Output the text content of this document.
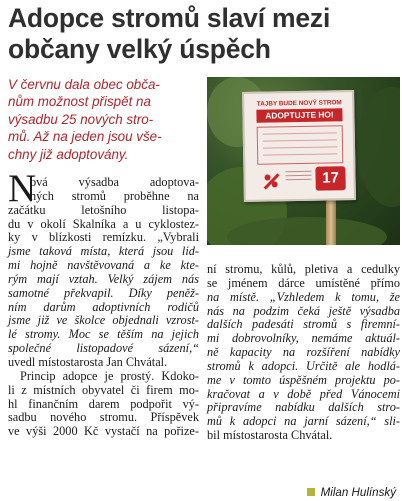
Adopce stromů slaví mezi
občany velký úspěch
V červnu dala obec obča-
nům možnost přispět na
výsadbu 25 nových stro-
mů. Až na jeden jsou vše-
chny již adoptovány.
TAJBY BUDE NOVÝ STROM
ADOPTUJTE HO!
17
N
ová výsadba adoptova-
ných stromů proběhne na
začátku letošního listopa-
du v okolí Skalníka a u cyklostez-
ky v blízkosti remízku. „Vybrali
jsme taková místa, která jsou lid-
mi hojně navštěvovaná a ke kte-
rým mají vztah. Velký zájem nás
samotné překvapil. Díky peněž-
ním darům adoptivních rodičů
jsme již ve školce objednali vzrost-
lé stromy. Moc se těším na jejich
společné listopadové sázení,“
uvedl místostarosta Jan Chvátal.
Princip adopce je prostý. Kdoko-
li z místních obyvatel či firem mo-
hl finančním darem podpořit vý-
sadbu nového stromu. Příspěvek
ve výši 2000 Kč vystačí na pořize-
ní stromu, kůlů, pletiva a cedulky
se jménem dárce umístěné přímo
na místě. „Vzhledem k tomu, že
nás na podzim čeká ještě výsadba
dalších padesáti stromů s firemní-
mi dobrovolníky, nemáme aktuál-
ně kapacity na rozšíření nabídky
stromů k adopci. Určitě ale hodlá-
me v tomto úspěšném projektu po-
kračovat a v době před Vánocemi
připravíme nabídku dalších stro-
mů k adopci na jarní sázení,“ sli-
bil místostarosta Chvátal.
Milan Hulínský
